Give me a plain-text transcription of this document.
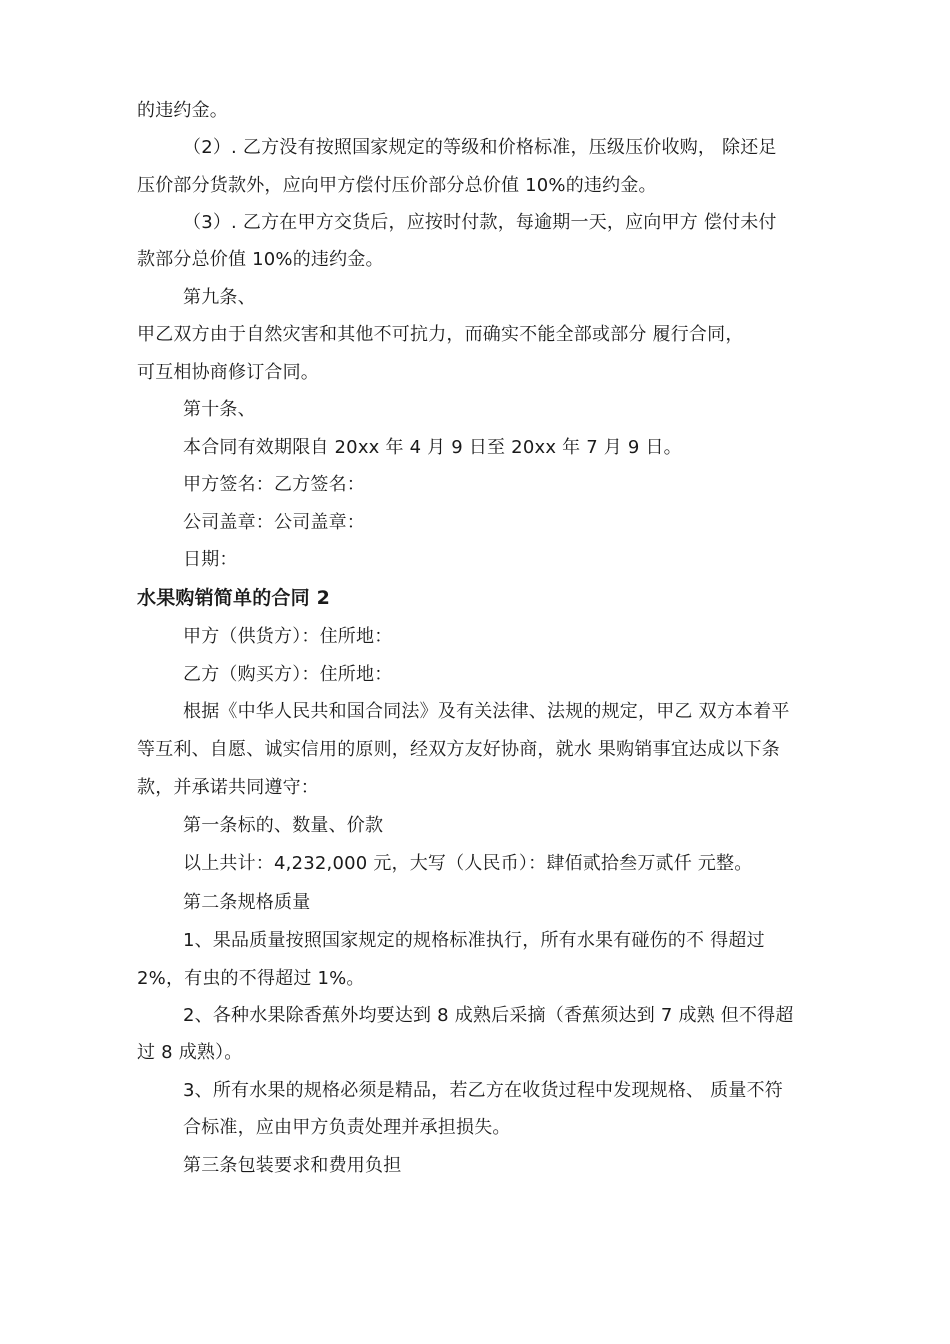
的违约金。
（2）. 乙方没有按照国家规定的等级和价格标准，压级压价收购， 除还足
压价部分货款外，应向甲方偿付压价部分总价值 10%的违约金。
（3）. 乙方在甲方交货后，应按时付款，每逾期一天，应向甲方 偿付未付
款部分总价值 10%的违约金。
第九条、
甲乙双方由于自然灾害和其他不可抗力，而确实不能全部或部分 履行合同，
可互相协商修订合同。
第十条、
本合同有效期限自 20xx 年 4 月 9 日至 20xx 年 7 月 9 日。
甲方签名：乙方签名：
公司盖章：公司盖章：
日期：
水果购销简单的合同 2
甲方（供货方）：住所地：
乙方（购买方）：住所地：
根据《中华人民共和国合同法》及有关法律、法规的规定，甲乙 双方本着平
等互利、自愿、诚实信用的原则，经双方友好协商，就水 果购销事宜达成以下条
款，并承诺共同遵守：
第一条标的、数量、价款
以上共计：4,232,000 元，大写（人民币）：肆佰贰拾叁万贰仟 元整。
第二条规格质量
1、果品质量按照国家规定的规格标准执行，所有水果有碰伤的不 得超过
2%，有虫的不得超过 1%。
2、各种水果除香蕉外均要达到 8 成熟后采摘（香蕉须达到 7 成熟 但不得超
过 8 成熟）。
3、所有水果的规格必须是精品，若乙方在收货过程中发现规格、 质量不符
合标准，应由甲方负责处理并承担损失。
第三条包装要求和费用负担
